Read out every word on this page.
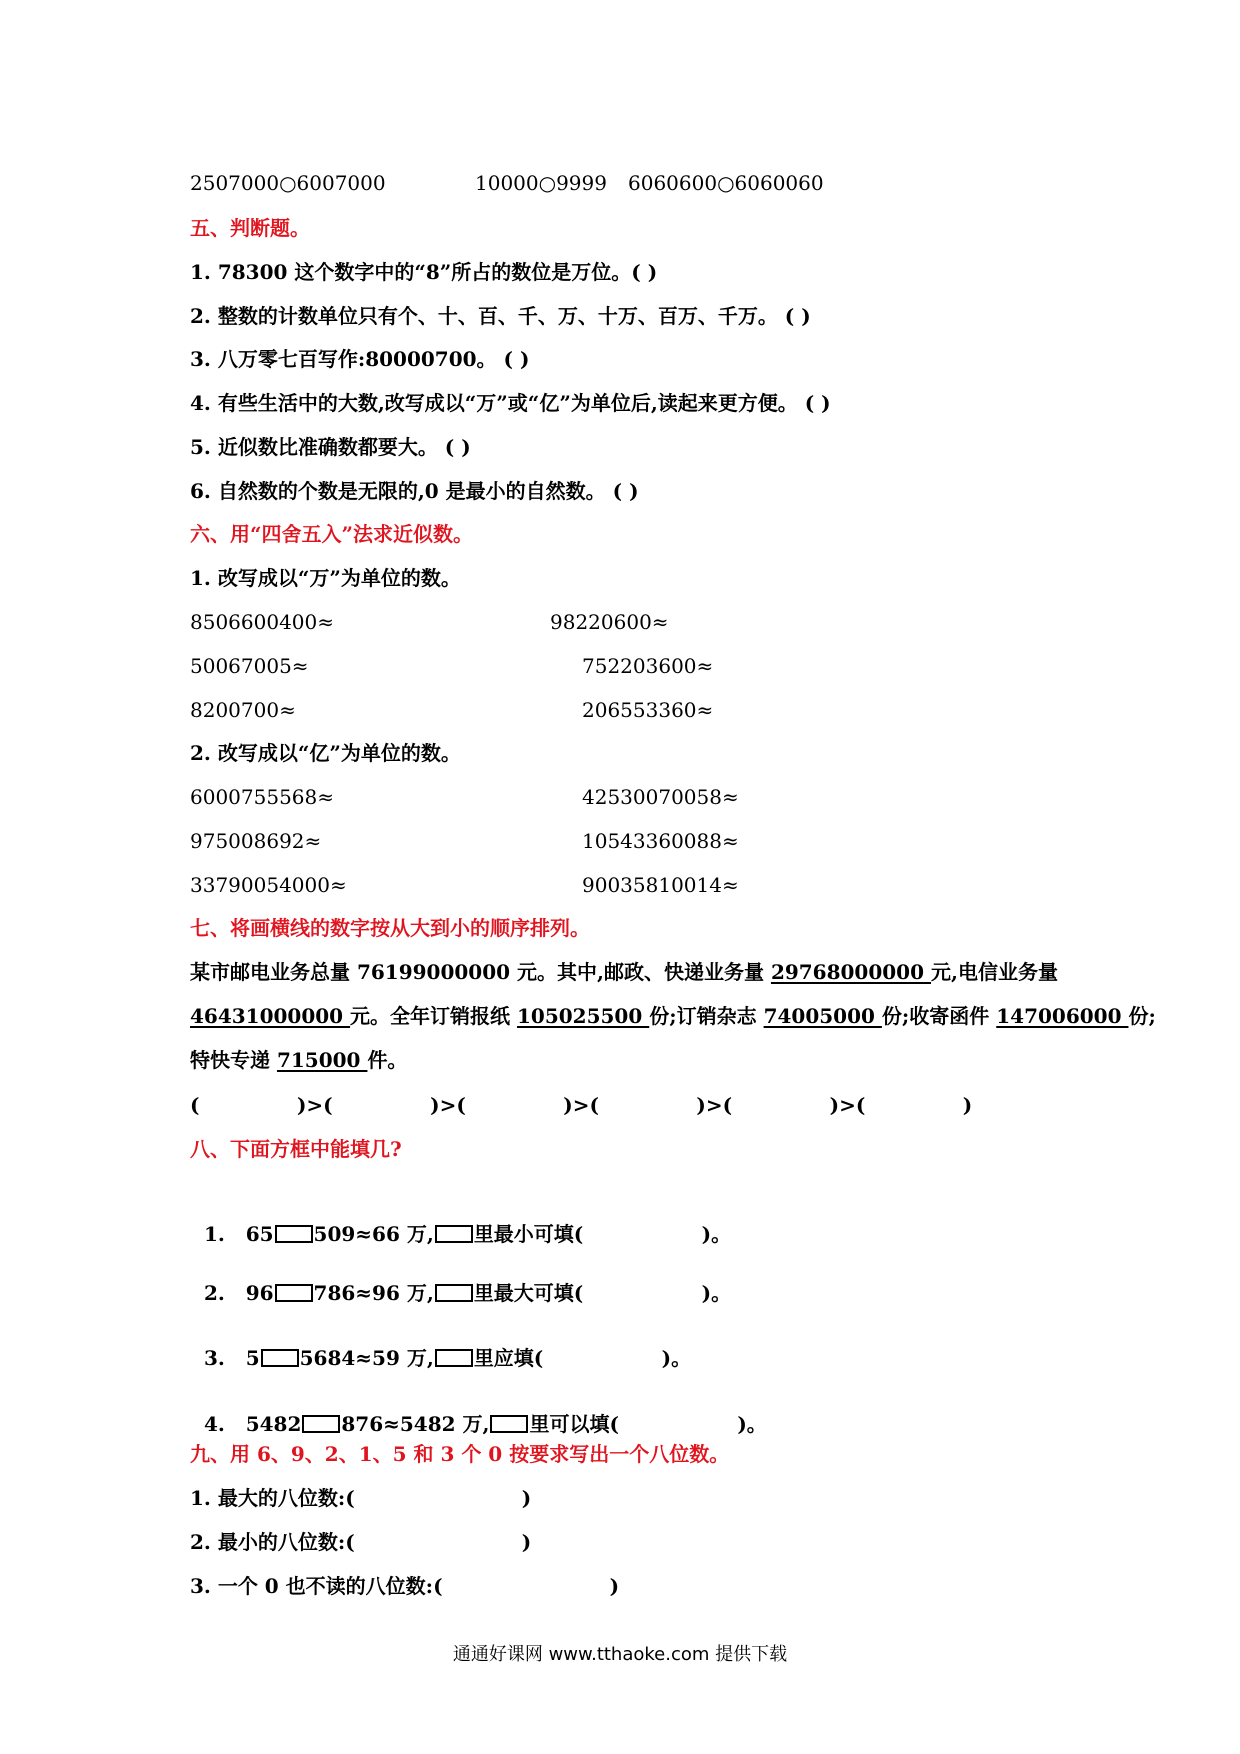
2507000○6007000	10000○9999 6060600○6060060
五、判断题。
1. 78300 这个数字中的“8”所占的数位是万位。( )
2. 整数的计数单位只有个、十、百、千、万、十万、百万、千万。 ( )
3. 八万零七百写作:80000700。 ( )
4. 有些生活中的大数,改写成以“万”或“亿”为单位后,读起来更方便。 ( )
5. 近似数比准确数都要大。 ( )
6. 自然数的个数是无限的,0 是最小的自然数。 ( )
六、用“四舍五入”法求近似数。
1. 改写成以“万”为单位的数。
8506600400≈	98220600≈
50067005≈	752203600≈
8200700≈	206553360≈
2. 改写成以“亿”为单位的数。
6000755568≈	42530070058≈
975008692≈	10543360088≈
33790054000≈	90035810014≈
七、将画横线的数字按从大到小的顺序排列。
某市邮电业务总量 76199000000 元。其中,邮政、快递业务量 29768000000 元,电信业务量
46431000000 元。全年订销报纸 105025500 份;订销杂志 74005000 份;收寄函件 147006000 份;
特快专递 715000 件。
(              )>(              )>(              )>(              )>(              )>(              )
八、下面方框中能填几?

1.   65 509≈66 万, 里最小可填(                 )。

2.   96 786≈96 万, 里最大可填(                 )。

3.   5 5684≈59 万, 里应填(                 )。

4.   5482 876≈5482 万, 里可以填(                 )。

九、用 6、9、2、1、5 和 3 个 0 按要求写出一个八位数。
1. 最大的八位数:(                        )
2. 最小的八位数:(                        )
3. 一个 0 也不读的八位数:(                        )
通通好课网 www.tthaoke.com 提供下载
